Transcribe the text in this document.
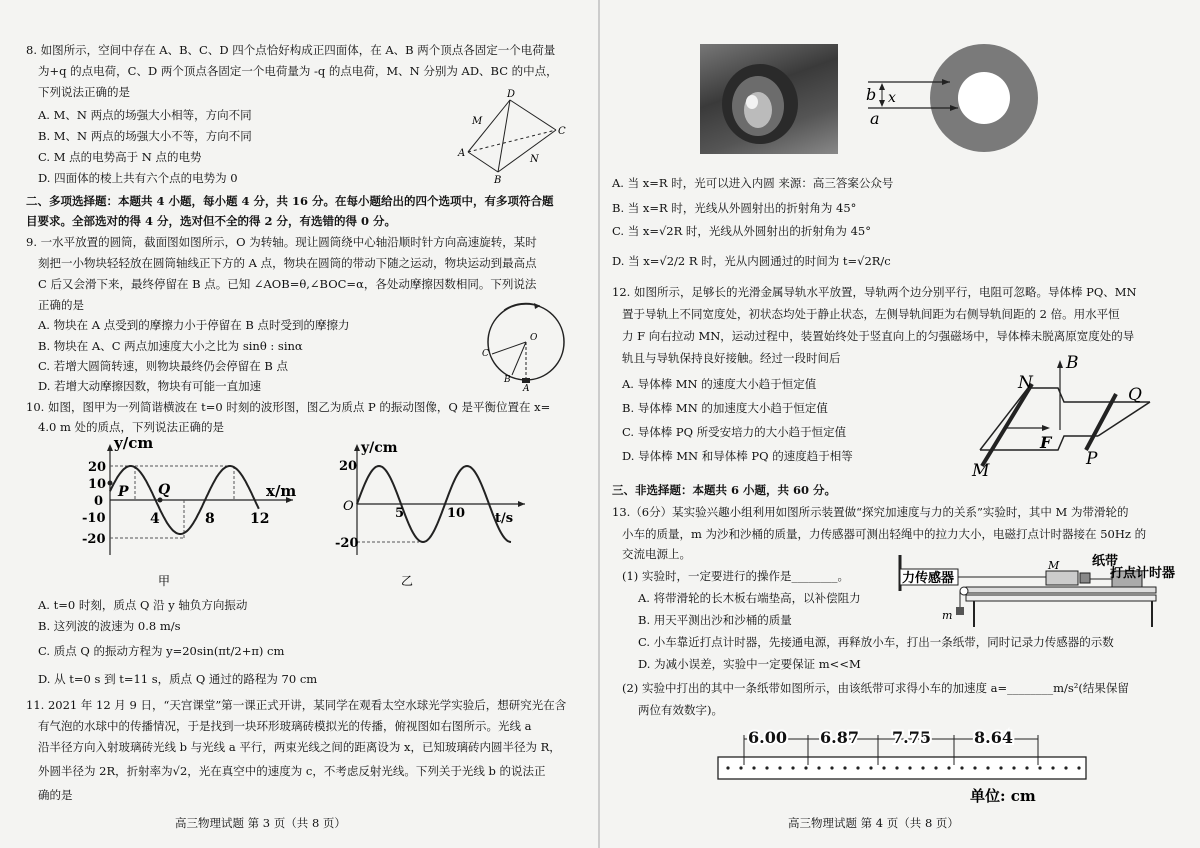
8. 如图所示，空间中存在 A、B、C、D 四个点恰好构成正四面体，在 A、B 两个顶点各固定一个电荷量
为+q 的点电荷，C、D 两个顶点各固定一个电荷量为 -q 的点电荷，M、N 分别为 AD、BC 的中点，
下列说法正确的是
A. M、N 两点的场强大小相等，方向不同
B. M、N 两点的场强大小不等，方向不同
C. M 点的电势高于 N 点的电势
D. 四面体的棱上共有六个点的电势为 0
D
M
C
A
N
B
二、多项选择题：本题共 4 小题，每小题 4 分，共 16 分。在每小题给出的四个选项中，有多项符合题
目要求。全部选对的得 4 分，选对但不全的得 2 分，有选错的得 0 分。
9. 一水平放置的圆筒，截面图如图所示，O 为转轴。现让圆筒绕中心轴沿顺时针方向高速旋转，某时
刻把一小物块轻轻放在圆筒轴线正下方的 A 点，物块在圆筒的带动下随之运动，物块运动到最高点
C 后又会滑下来，最终停留在 B 点。已知 ∠AOB=θ,∠BOC=α，各处动摩擦因数相同。下列说法
正确的是
A. 物块在 A 点受到的摩擦力小于停留在 B 点时受到的摩擦力
B. 物块在 A、C 两点加速度大小之比为 sinθ : sinα
C. 若增大圆筒转速，则物块最终仍会停留在 B 点
D. 若增大动摩擦因数，物块有可能一直加速
O
C
B
A
10. 如图，图甲为一列简谐横波在 t=0 时刻的波形图，图乙为质点 P 的振动图像，Q 是平衡位置在 x=
4.0 m 处的质点，下列说法正确的是
y/cm
x/m
20
10
0
-10
-20
4	8	12
P Q
甲
y/cm
20
O
-20
5	10 t/s
乙
A. t=0 时刻，质点 Q 沿 y 轴负方向振动
B. 这列波的波速为 0.8 m/s
C. 质点 Q 的振动方程为 y=20sin(πt/2+π) cm
D. 从 t=0 s 到 t=11 s，质点 Q 通过的路程为 70 cm
11. 2021 年 12 月 9 日，“天宫课堂”第一课正式开讲，某同学在观看太空水球光学实验后，想研究光在含
有气泡的水球中的传播情况，于是找到一块环形玻璃砖模拟光的传播，俯视图如右图所示。光线 a
沿半径方向入射玻璃砖光线 b 与光线 a 平行，两束光线之间的距离设为 x，已知玻璃砖内圆半径为 R，
外圆半径为 2R，折射率为√2，光在真空中的速度为 c，不考虑反射光线。下列关于光线 b 的说法正
确的是
高三物理试题 第 3 页（共 8 页）
b x
a
A. 当 x=R 时，光可以进入内圆 来源：高三答案公众号
B. 当 x=R 时，光线从外圆射出的折射角为 45°
C. 当 x=√2R 时，光线从外圆射出的折射角为 45°
D. 当 x=√2/2 R 时，光从内圆通过的时间为 t=√2R/c
12. 如图所示，足够长的光滑金属导轨水平放置，导轨两个边分别平行，电阻可忽略。导体棒 PQ、MN
置于导轨上不同宽度处，初状态均处于静止状态，左侧导轨间距为右侧导轨间距的 2 倍。用水平恒
力 F 向右拉动 MN，运动过程中，装置始终处于竖直向上的匀强磁场中，导体棒未脱离原宽度处的导
轨且与导轨保持良好接触。经过一段时间后
A. 导体棒 MN 的速度大小趋于恒定值
B. 导体棒 MN 的加速度大小趋于恒定值
C. 导体棒 PQ 所受安培力的大小趋于恒定值
D. 导体棒 MN 和导体棒 PQ 的速度趋于相等
N
B
Q
F
M
P
三、非选择题：本题共 6 小题，共 60 分。
13.（6分）某实验兴趣小组利用如图所示装置做“探究加速度与力的关系”实验时，其中 M 为带滑轮的
小车的质量，m 为沙和沙桶的质量，力传感器可测出轻绳中的拉力大小，电磁打点计时器接在 50Hz 的
交流电源上。
(1) 实验时，一定要进行的操作是________。
A. 将带滑轮的长木板右端垫高，以补偿阻力
B. 用天平测出沙和沙桶的质量
C. 小车靠近打点计时器，先接通电源，再释放小车，打出一条纸带，同时记录力传感器的示数
D. 为减小误差，实验中一定要保证 m<<M
力传感器
纸带
打点计时器
M
m
(2) 实验中打出的其中一条纸带如图所示，由该纸带可求得小车的加速度 a=________m/s²(结果保留
两位有效数字)。
6.00 6.87 7.75	8.64
单位: cm
高三物理试题 第 4 页（共 8 页）
